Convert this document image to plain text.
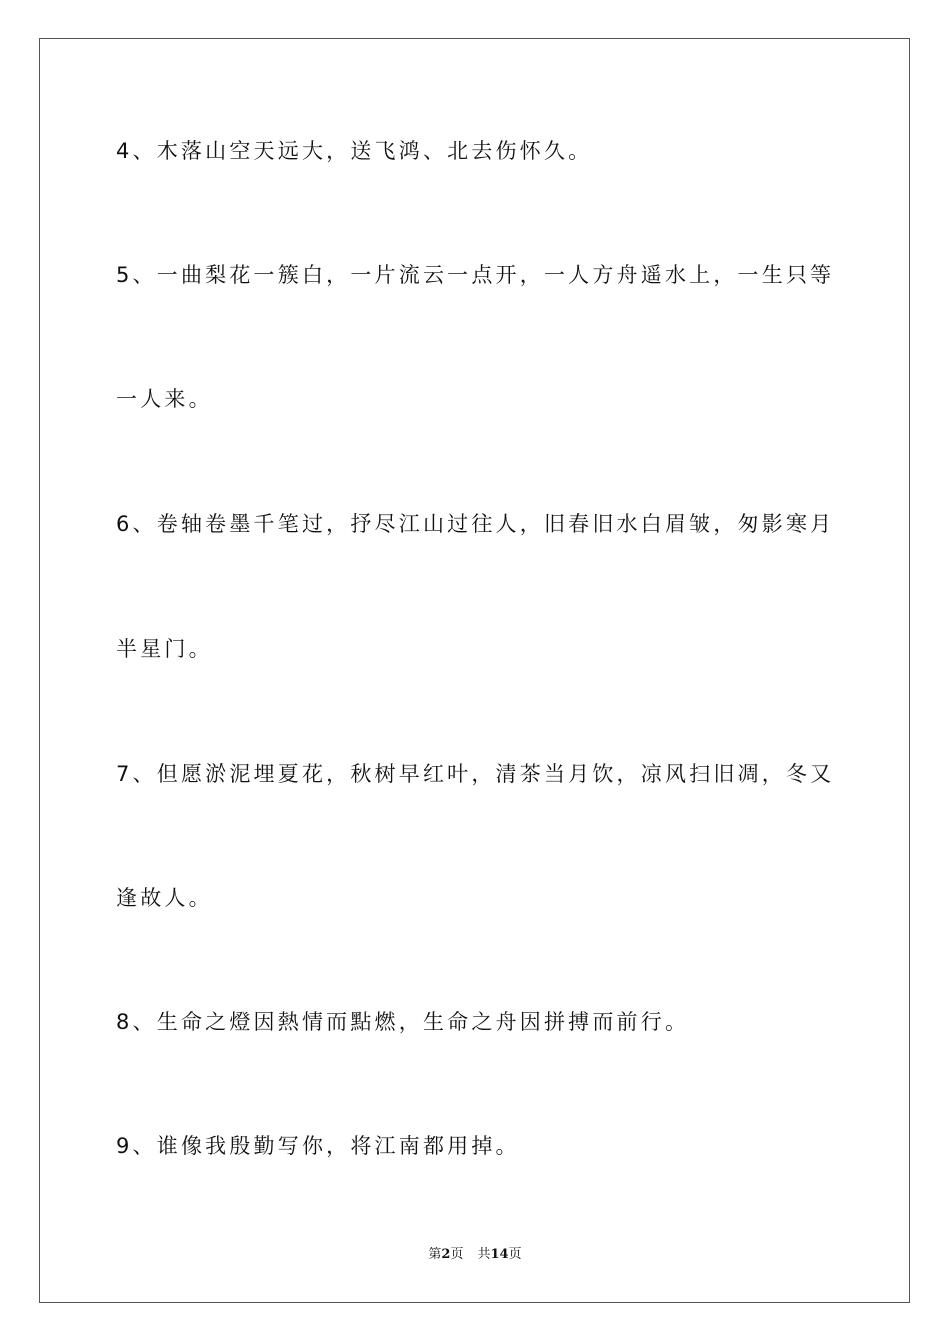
4、木落山空天远大，送飞鸿、北去伤怀久。
5、一曲梨花一簇白，一片流云一点开，一人方舟遥水上，一生只等
一人来。
6、卷轴卷墨千笔过，抒尽江山过往人，旧春旧水白眉皱，匆影寒月
半星门。
7、但愿淤泥埋夏花，秋树早红叶，清茶当月饮，凉风扫旧凋，冬又
逢故人。
8、生命之燈因熱情而點燃，生命之舟因拼搏而前行。
9、谁像我殷勤写你，将江南都用掉。
第2页 共14页
